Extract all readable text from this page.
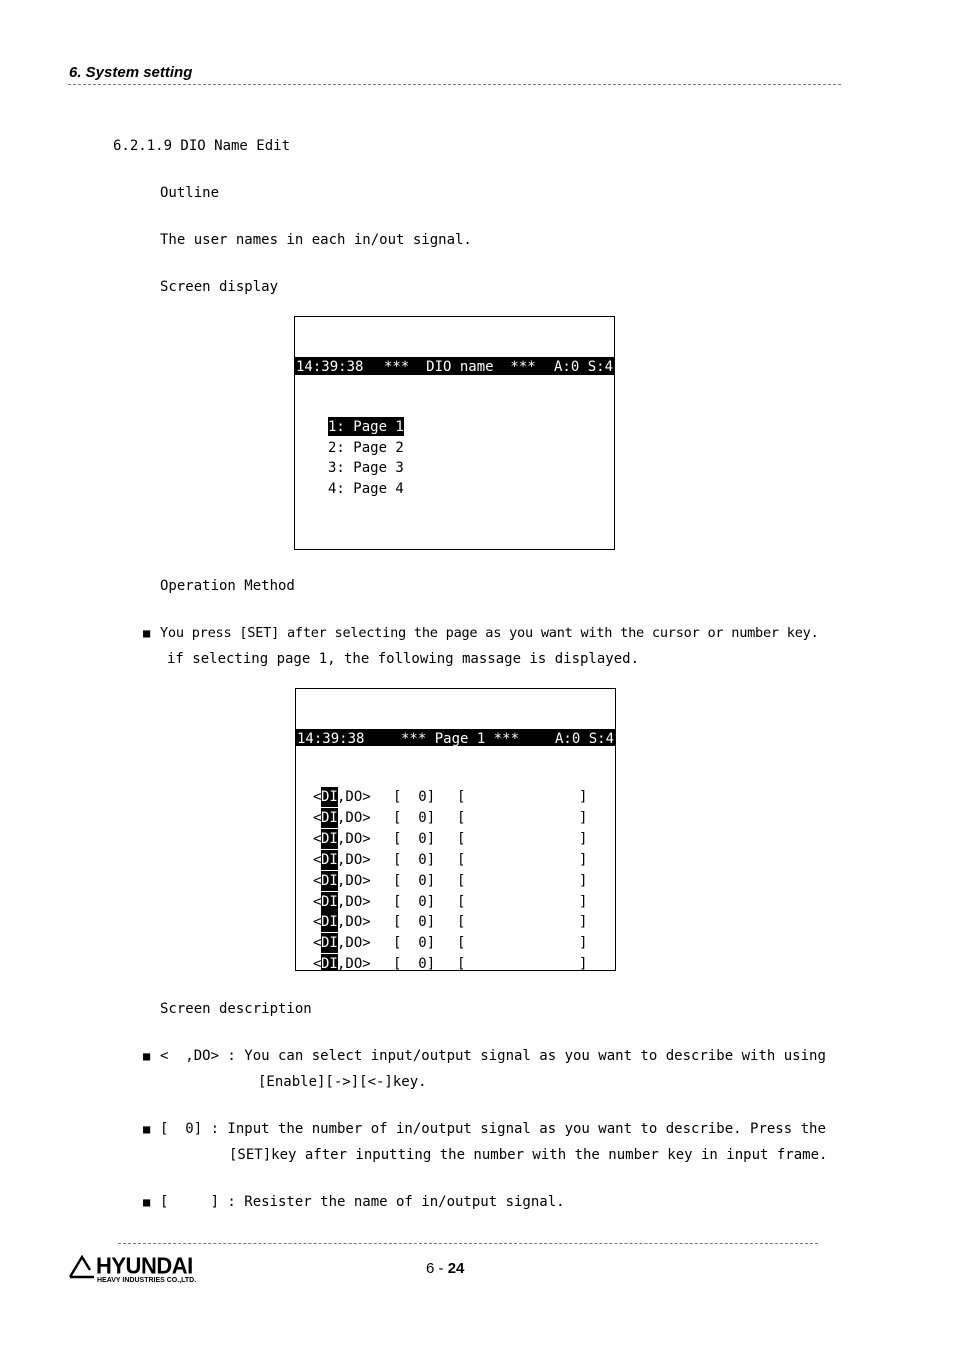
6. System setting
6.2.1.9 DIO Name Edit
Outline
The user names in each in/out signal.
Screen display

14:39:38 ***  DIO name  *** A:0 S:4

1: Page 1

2: Page 2

3: Page 3

4: Page 4

Operation Method
■ You press [SET] after selecting the page as you want with the cursor or number key.
if selecting page 1, the following massage is displayed.

14:39:38	*** Page 1 ***	A:0 S:4

< DI ,DO> [  0] [	]
< DI ,DO> [  0] [	]
< DI ,DO> [  0] [	]
< DI ,DO> [  0] [	]
< DI ,DO> [  0] [	]
< DI ,DO> [  0] [	]
< DI ,DO> [  0] [	]
< DI ,DO> [  0] [	]
< DI ,DO> [  0] [	]

Screen description
■ <  ,DO> : You can select input/output signal as you want to describe with using
[Enable][->][<-]key.
■ [  0] : Input the number of in/output signal as you want to describe. Press the
[SET]key after inputting the number with the number key in input frame.
■ [     ] : Resister the name of in/output signal.
HYUNDAI
HEAVY INDUSTRIES CO.,LTD.
6 - 24
